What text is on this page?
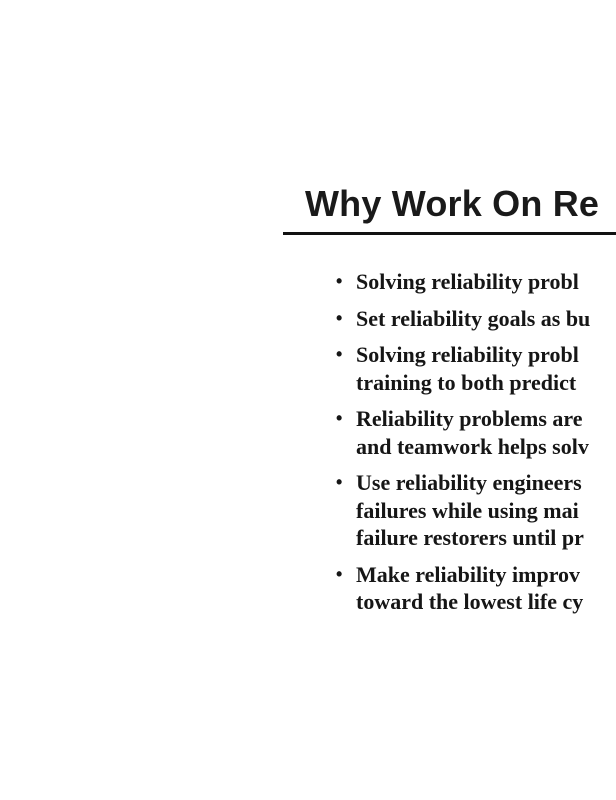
Why Work On Re
• Solving reliability probl
• Set reliability goals as bu
• Solving reliability probl
training to both predict
• Reliability problems are
and teamwork helps solv
• Use reliability engineers
failures while using mai
failure restorers until pr
• Make reliability improv
toward the lowest life cy
